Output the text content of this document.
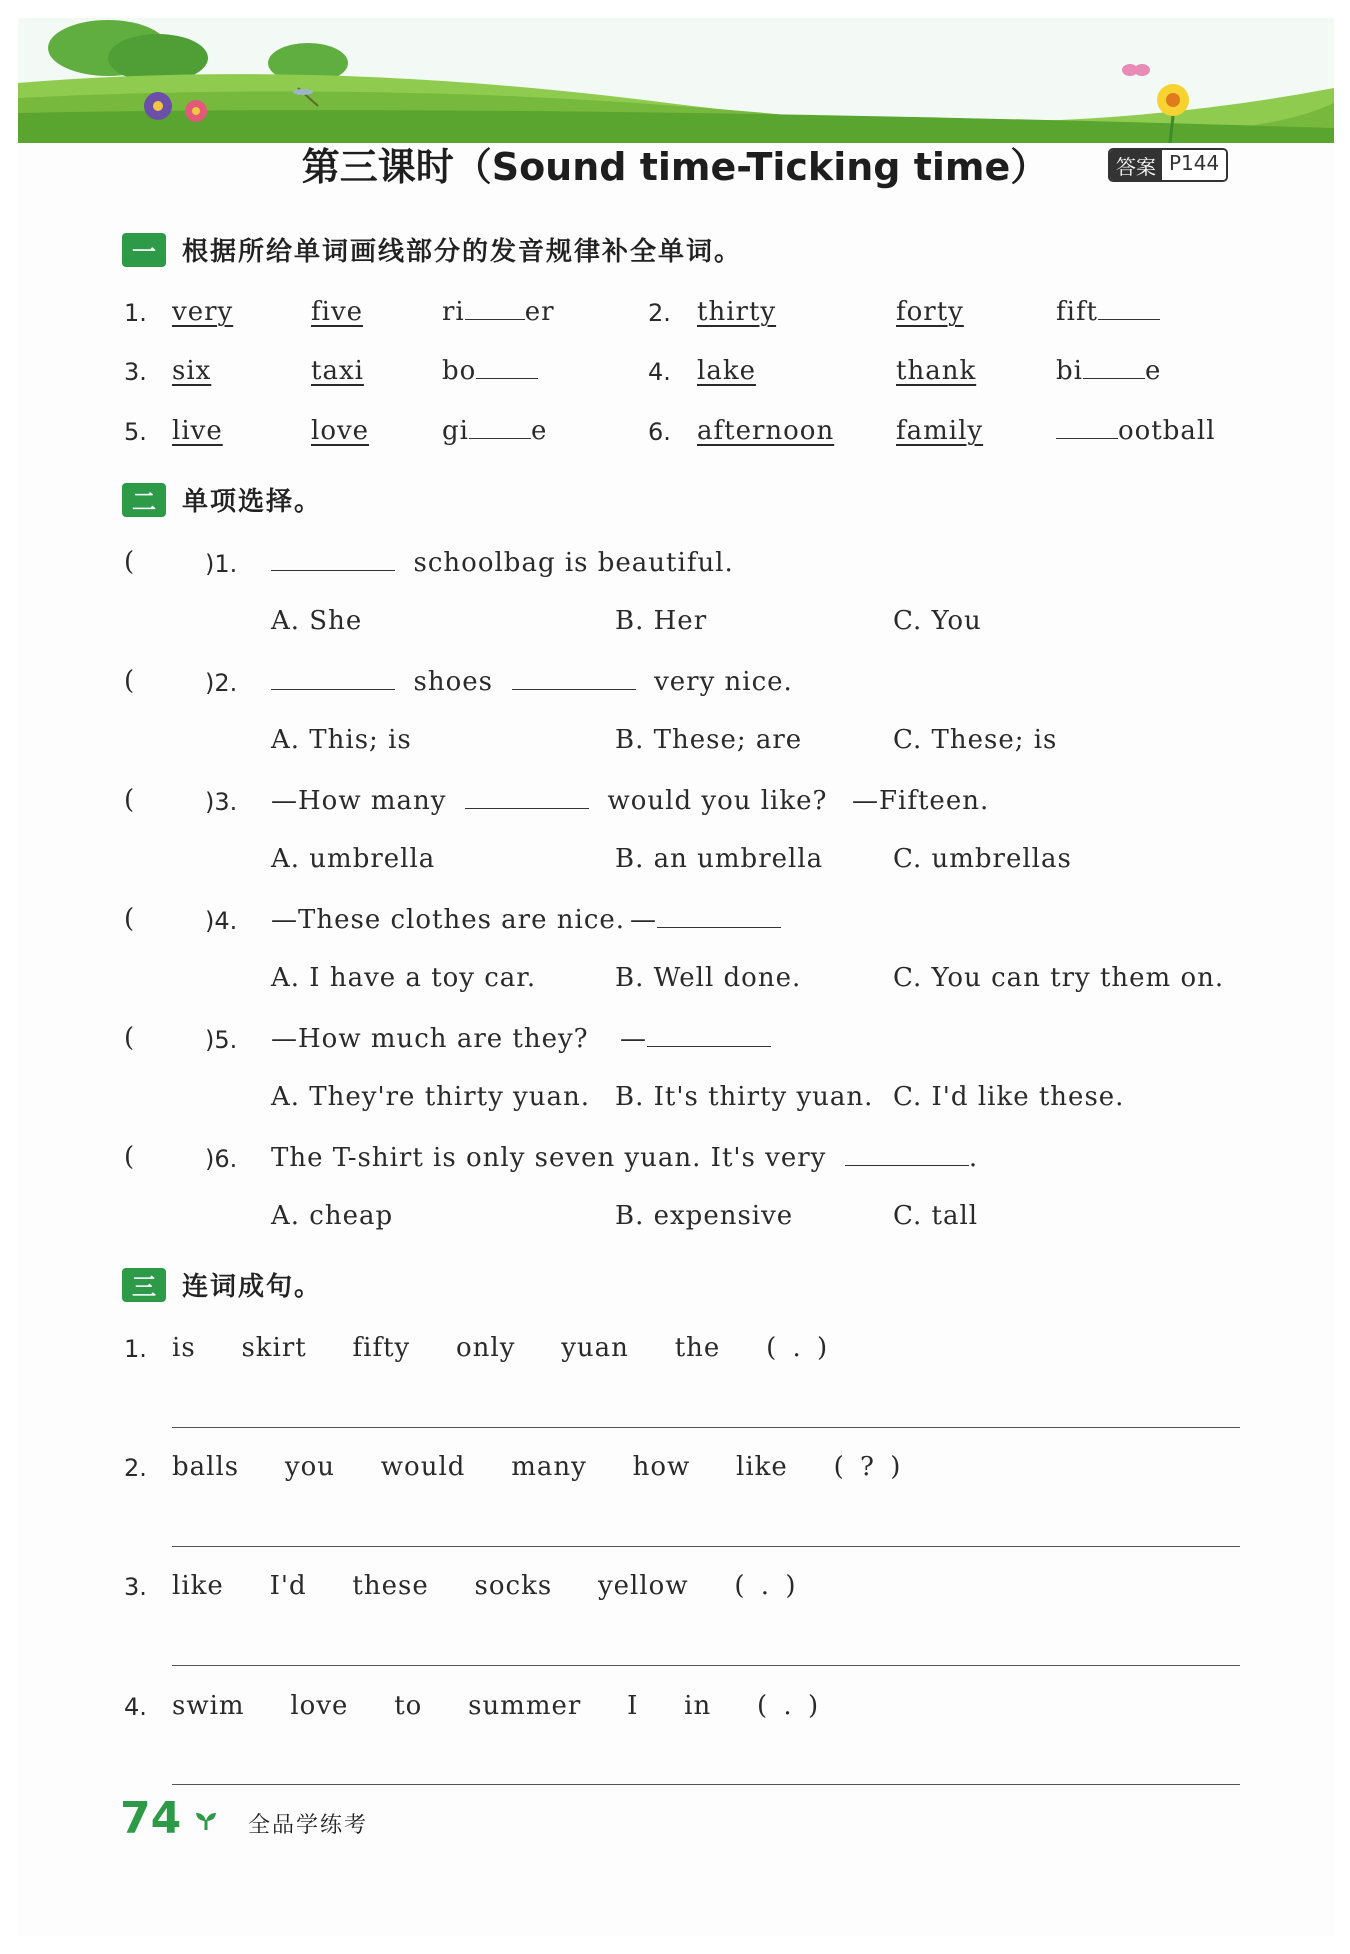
第三课时（Sound time-Ticking time）	答案 P144
一	根据所给单词画线部分的发音规律补全单词。
1. very	five	ri er	2. thirty	forty	fift
3. six	taxi	bo	4. lake	thank	bi e
5. live	love	gi e	6. afternoon family	ootball
二	单项选择。
(	)1.	schoolbag is beautiful.
A. She	B. Her	C. You
(	)2.	shoes	very nice.
A. This; is	B. These; are	C. These; is
(	)3. —How many	would you like? —Fifteen.
A. umbrella	B. an umbrella	C. umbrellas
(	)4. —These clothes are nice. —
A. I have a toy car.	B. Well done.	C. You can try them on.
(	)5. —How much are they? —
A. They're thirty yuan. B. It's thirty yuan. C. I'd like these.
(	)6. The T-shirt is only seven yuan. It's very	.
A. cheap	B. expensive	C. tall
三	连词成句。
1. is   skirt   fifty   only   yuan   the   ( . )
2. balls   you   would   many   how   like   ( ? )
3. like   I'd   these   socks   yellow   ( . )
4. swim   love   to   summer   I   in   ( . )
74	全品学练考
